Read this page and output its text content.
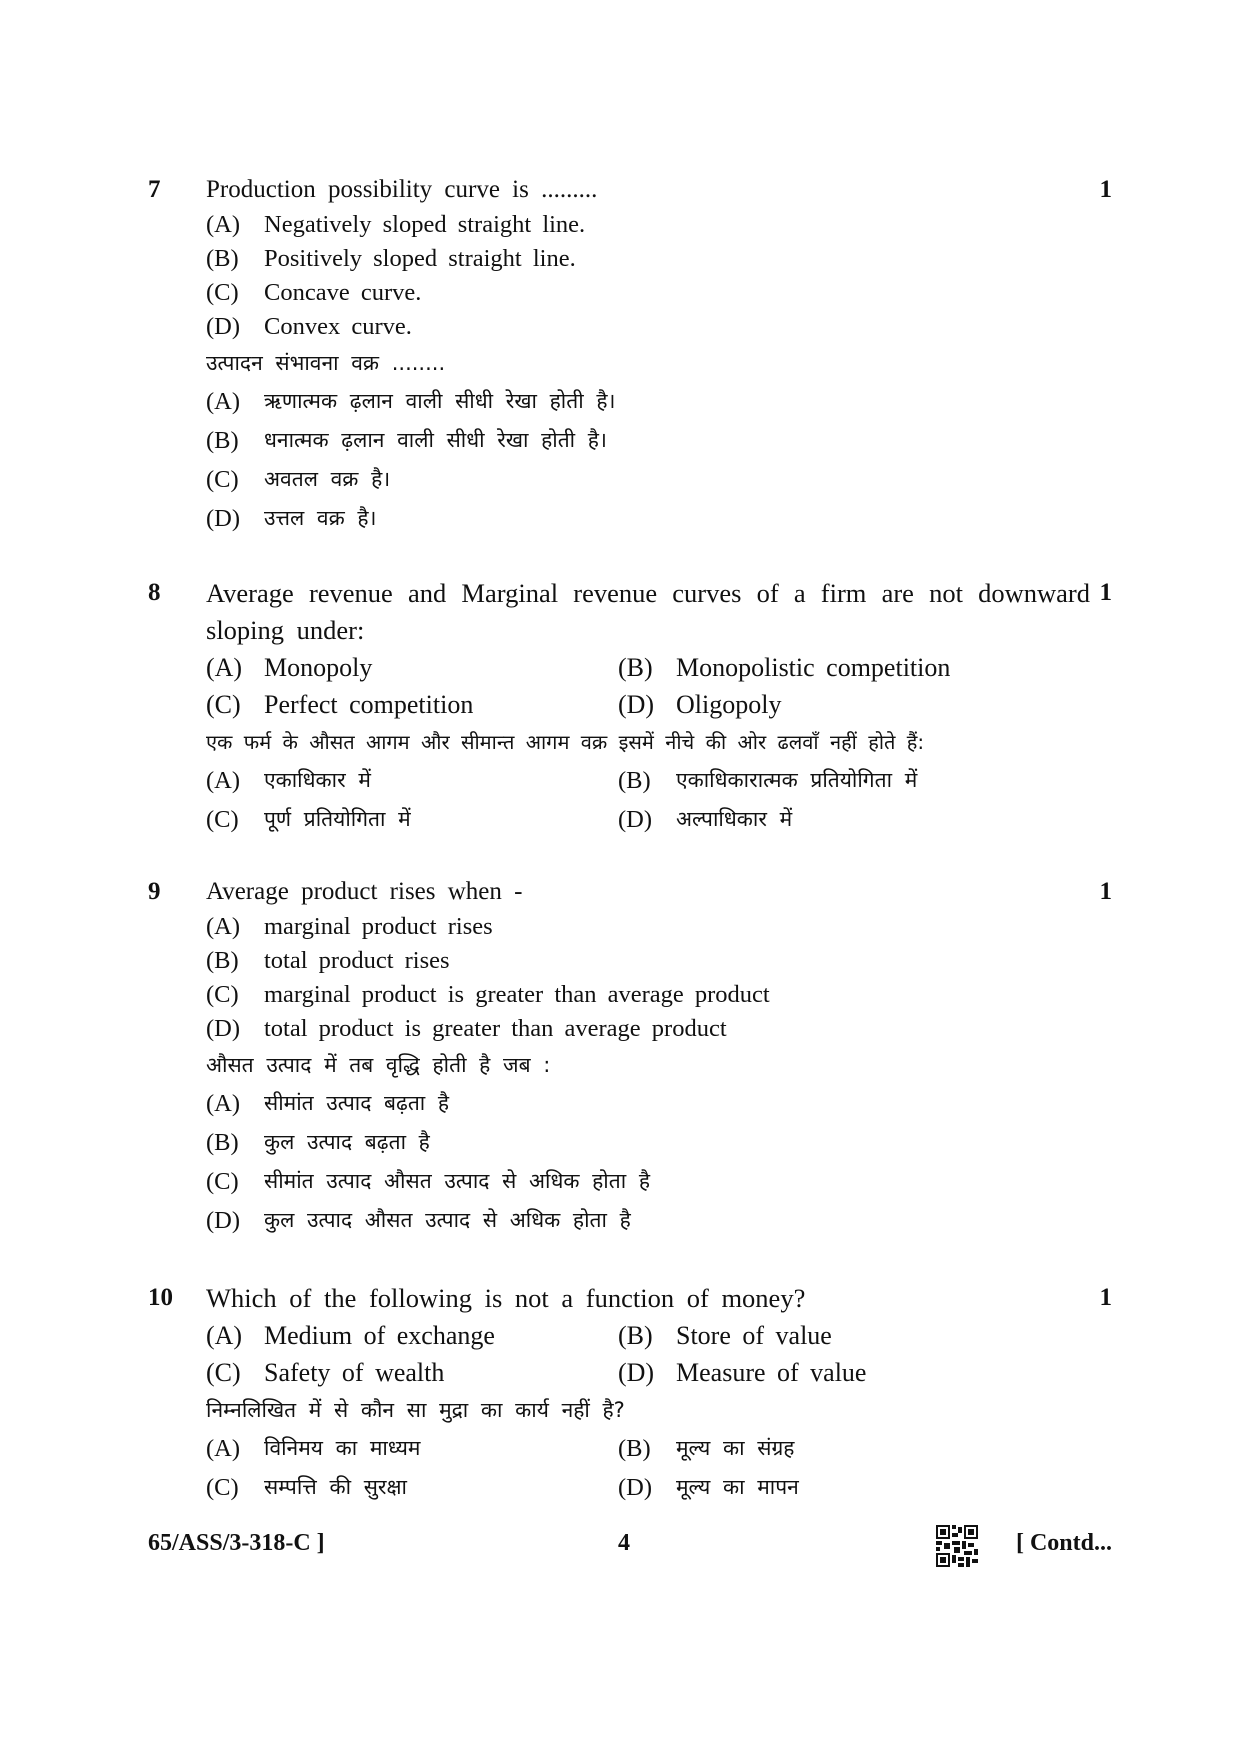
7	1
Production possibility curve is .........
(A) Negatively sloped straight line.
(B)	Positively sloped straight line.
(C)	Concave curve.
(D) Convex curve.
उत्पादन संभावना वक्र ........
(A)	ऋणात्मक ढ़लान वाली सीधी रेखा होती है।
(B)	धनात्मक ढ़लान वाली सीधी रेखा होती है।
(C)	अवतल वक्र है।
(D)	उत्तल वक्र है।
8	1
Average revenue and Marginal revenue curves of a firm are not downward sloping under:
(A) Monopoly	(B) Monopolistic competition
(C) Perfect competition	(D) Oligopoly
एक फर्म के औसत आगम और सीमान्त आगम वक्र इसमें नीचे की ओर ढलवाँ नहीं होते हैं:
(A)	एकाधिकार में	(B)	एकाधिकारात्मक प्रतियोगिता में
(C)	पूर्ण प्रतियोगिता में	(D)	अल्पाधिकार में
9	1
Average product rises when -
(A) marginal product rises
(B)	total product rises
(C)	marginal product is greater than average product
(D) total product is greater than average product
औसत उत्पाद में तब वृद्धि होती है जब :
(A)	सीमांत उत्पाद बढ़ता है
(B)	कुल उत्पाद बढ़ता है
(C)	सीमांत उत्पाद औसत उत्पाद से अधिक होता है
(D)	कुल उत्पाद औसत उत्पाद से अधिक होता है
10	1
Which of the following is not a function of money?
(A) Medium of exchange	(B) Store of value
(C) Safety of wealth	(D) Measure of value
निम्नलिखित में से कौन सा मुद्रा का कार्य नहीं है?
(A)	विनिमय का माध्यम	(B)	मूल्य का संग्रह
(C)	सम्पत्ति की सुरक्षा	(D)	मूल्य का मापन
65/ASS/3-318-C ]	4	[ Contd...
